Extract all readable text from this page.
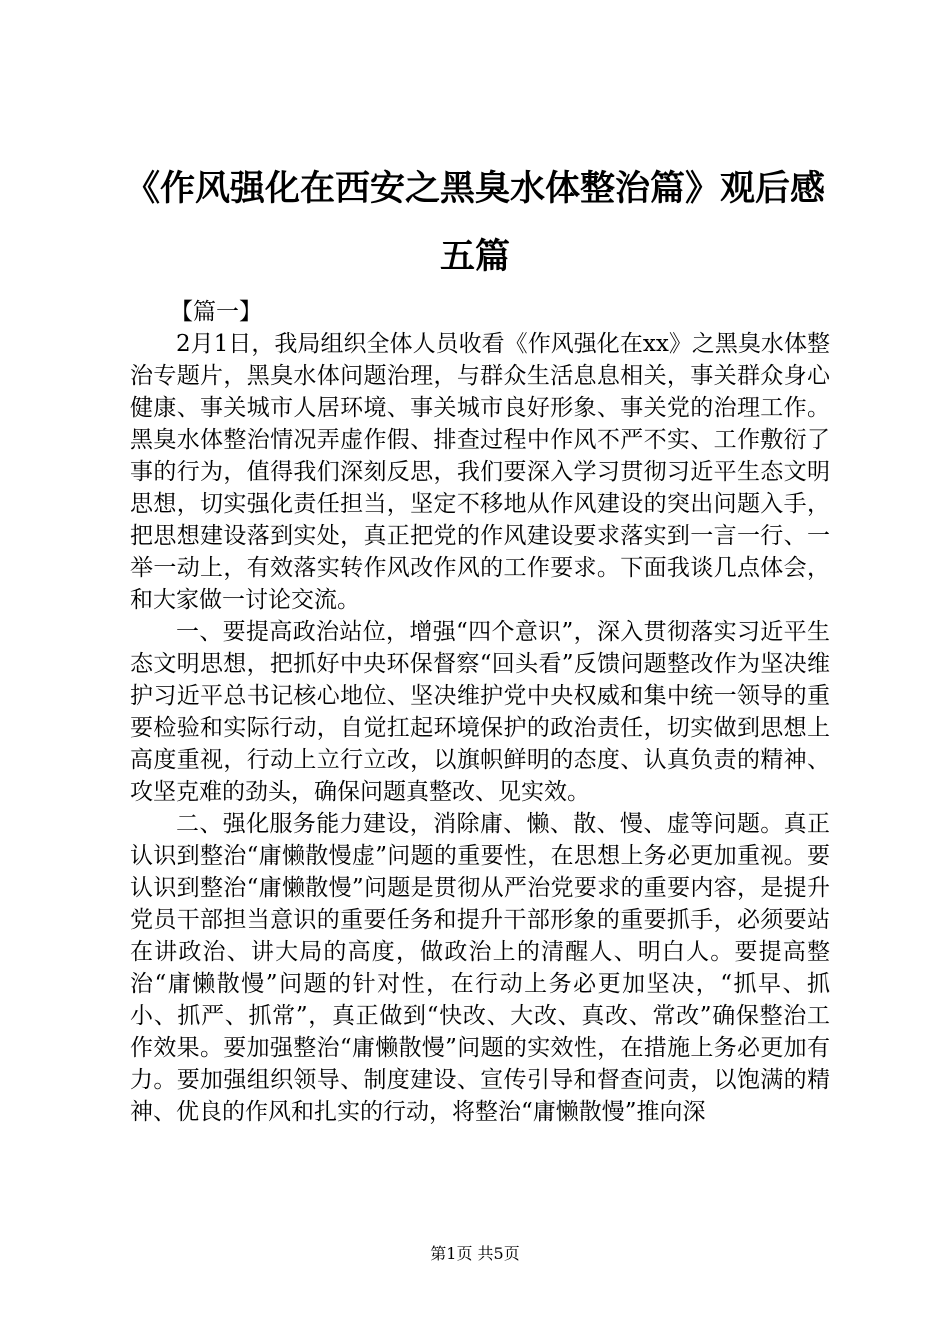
《作风强化在西安之黑臭水体整治篇》观后感五篇

【篇一】

2月1日，我局组织全体人员收看《作风强化在xx》之黑臭水体整治专题片，黑臭水体问题治理，与群众生活息息相关，事关群众身心健康、事关城市人居环境、事关城市良好形象、事关党的治理工作。黑臭水体整治情况弄虚作假、排查过程中作风不严不实、工作敷衍了事的行为，值得我们深刻反思，我们要深入学习贯彻习近平生态文明思想，切实强化责任担当，坚定不移地从作风建设的突出问题入手，把思想建设落到实处，真正把党的作风建设要求落实到一言一行、一举一动上，有效落实转作风改作风的工作要求。下面我谈几点体会，和大家做一讨论交流。

一、要提高政治站位，增强“四个意识”，深入贯彻落实习近平生态文明思想，把抓好中央环保督察“回头看”反馈问题整改作为坚决维护习近平总书记核心地位、坚决维护党中央权威和集中统一领导的重要检验和实际行动，自觉扛起环境保护的政治责任，切实做到思想上高度重视，行动上立行立改，以旗帜鲜明的态度、认真负责的精神、攻坚克难的劲头，确保问题真整改、见实效。

二、强化服务能力建设，消除庸、懒、散、慢、虚等问题。真正认识到整治“庸懒散慢虚”问题的重要性，在思想上务必更加重视。要认识到整治“庸懒散慢”问题是贯彻从严治党要求的重要内容，是提升党员干部担当意识的重要任务和提升干部形象的重要抓手，必须要站在讲政治、讲大局的高度，做政治上的清醒人、明白人。要提高整治“庸懒散慢”问题的针对性，在行动上务必更加坚决，“抓早、抓小、抓严、抓常”，真正做到“快改、大改、真改、常改”确保整治工作效果。要加强整治“庸懒散慢”问题的实效性，在措施上务必更加有力。要加强组织领导、制度建设、宣传引导和督查问责，以饱满的精神、优良的作风和扎实的行动，将整治“庸懒散慢”推向深

第1页 共5页
